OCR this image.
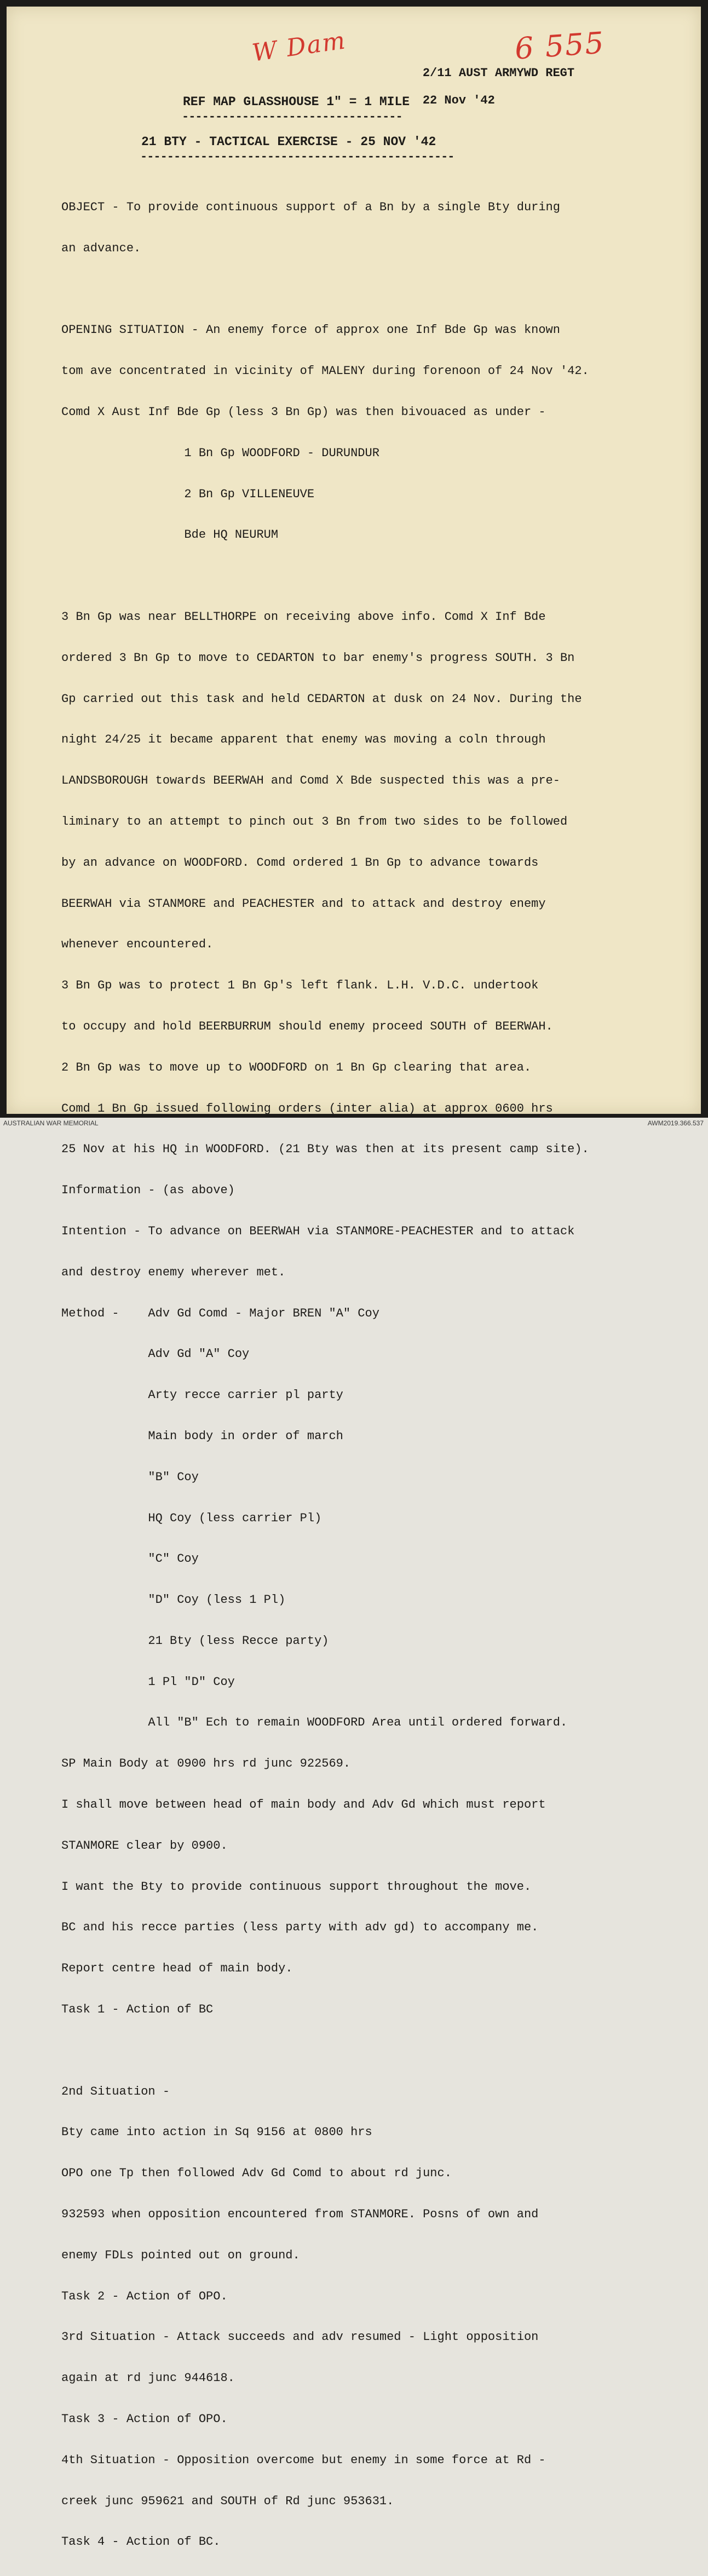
W Dam	6 555

2/11 AUST ARMYWD REGT

22 Nov '42

REF MAP GLASSHOUSE 1" = 1 MILE
---------------------------------
21 BTY - TACTICAL EXERCISE - 25 NOV '42
-----------------------------------------------

OBJECT - To provide continuous support of a Bn by a single Bty during

an advance.

OPENING SITUATION - An enemy force of approx one Inf Bde Gp was known

tom ave concentrated in vicinity of MALENY during forenoon of 24 Nov '42.

Comd X Aust Inf Bde Gp (less 3 Bn Gp) was then bivouaced as under -

1 Bn Gp WOODFORD - DURUNDUR

2 Bn Gp VILLENEUVE

Bde HQ NEURUM

3 Bn Gp was near BELLTHORPE on receiving above info. Comd X Inf Bde

ordered 3 Bn Gp to move to CEDARTON to bar enemy's progress SOUTH. 3 Bn

Gp carried out this task and held CEDARTON at dusk on 24 Nov. During the

night 24/25 it became apparent that enemy was moving a coln through

LANDSBOROUGH towards BEERWAH and Comd X Bde suspected this was a pre-

liminary to an attempt to pinch out 3 Bn from two sides to be followed

by an advance on WOODFORD. Comd ordered 1 Bn Gp to advance towards

BEERWAH via STANMORE and PEACHESTER and to attack and destroy enemy

whenever encountered.

3 Bn Gp was to protect 1 Bn Gp's left flank. L.H. V.D.C. undertook

to occupy and hold BEERBURRUM should enemy proceed SOUTH of BEERWAH.

2 Bn Gp was to move up to WOODFORD on 1 Bn Gp clearing that area.

Comd 1 Bn Gp issued following orders (inter alia) at approx 0600 hrs

25 Nov at his HQ in WOODFORD. (21 Bty was then at its present camp site).

Information - (as above)

Intention - To advance on BEERWAH via STANMORE-PEACHESTER and to attack

and destroy enemy wherever met.

Method -    Adv Gd Comd - Major BREN "A" Coy

Adv Gd "A" Coy

Arty recce carrier pl party

Main body in order of march

"B" Coy

HQ Coy (less carrier Pl)

"C" Coy

"D" Coy (less 1 Pl)

21 Bty (less Recce party)

1 Pl "D" Coy

All "B" Ech to remain WOODFORD Area until ordered forward.

SP Main Body at 0900 hrs rd junc 922569.

I shall move between head of main body and Adv Gd which must report

STANMORE clear by 0900.

I want the Bty to provide continuous support throughout the move.

BC and his recce parties (less party with adv gd) to accompany me.

Report centre head of main body.

Task 1 - Action of BC

2nd Situation -

Bty came into action in Sq 9156 at 0800 hrs

OPO one Tp then followed Adv Gd Comd to about rd junc.

932593 when opposition encountered from STANMORE. Posns of own and

enemy FDLs pointed out on ground.

Task 2 - Action of OPO.

3rd Situation - Attack succeeds and adv resumed - Light opposition

again at rd junc 944618.

Task 3 - Action of OPO.

4th Situation - Opposition overcome but enemy in some force at Rd -

creek junc 959621 and SOUTH of Rd junc 953631.

Task 4 - Action of BC.

AUSTRALIAN WAR MEMORIAL	AWM2019.366.537
